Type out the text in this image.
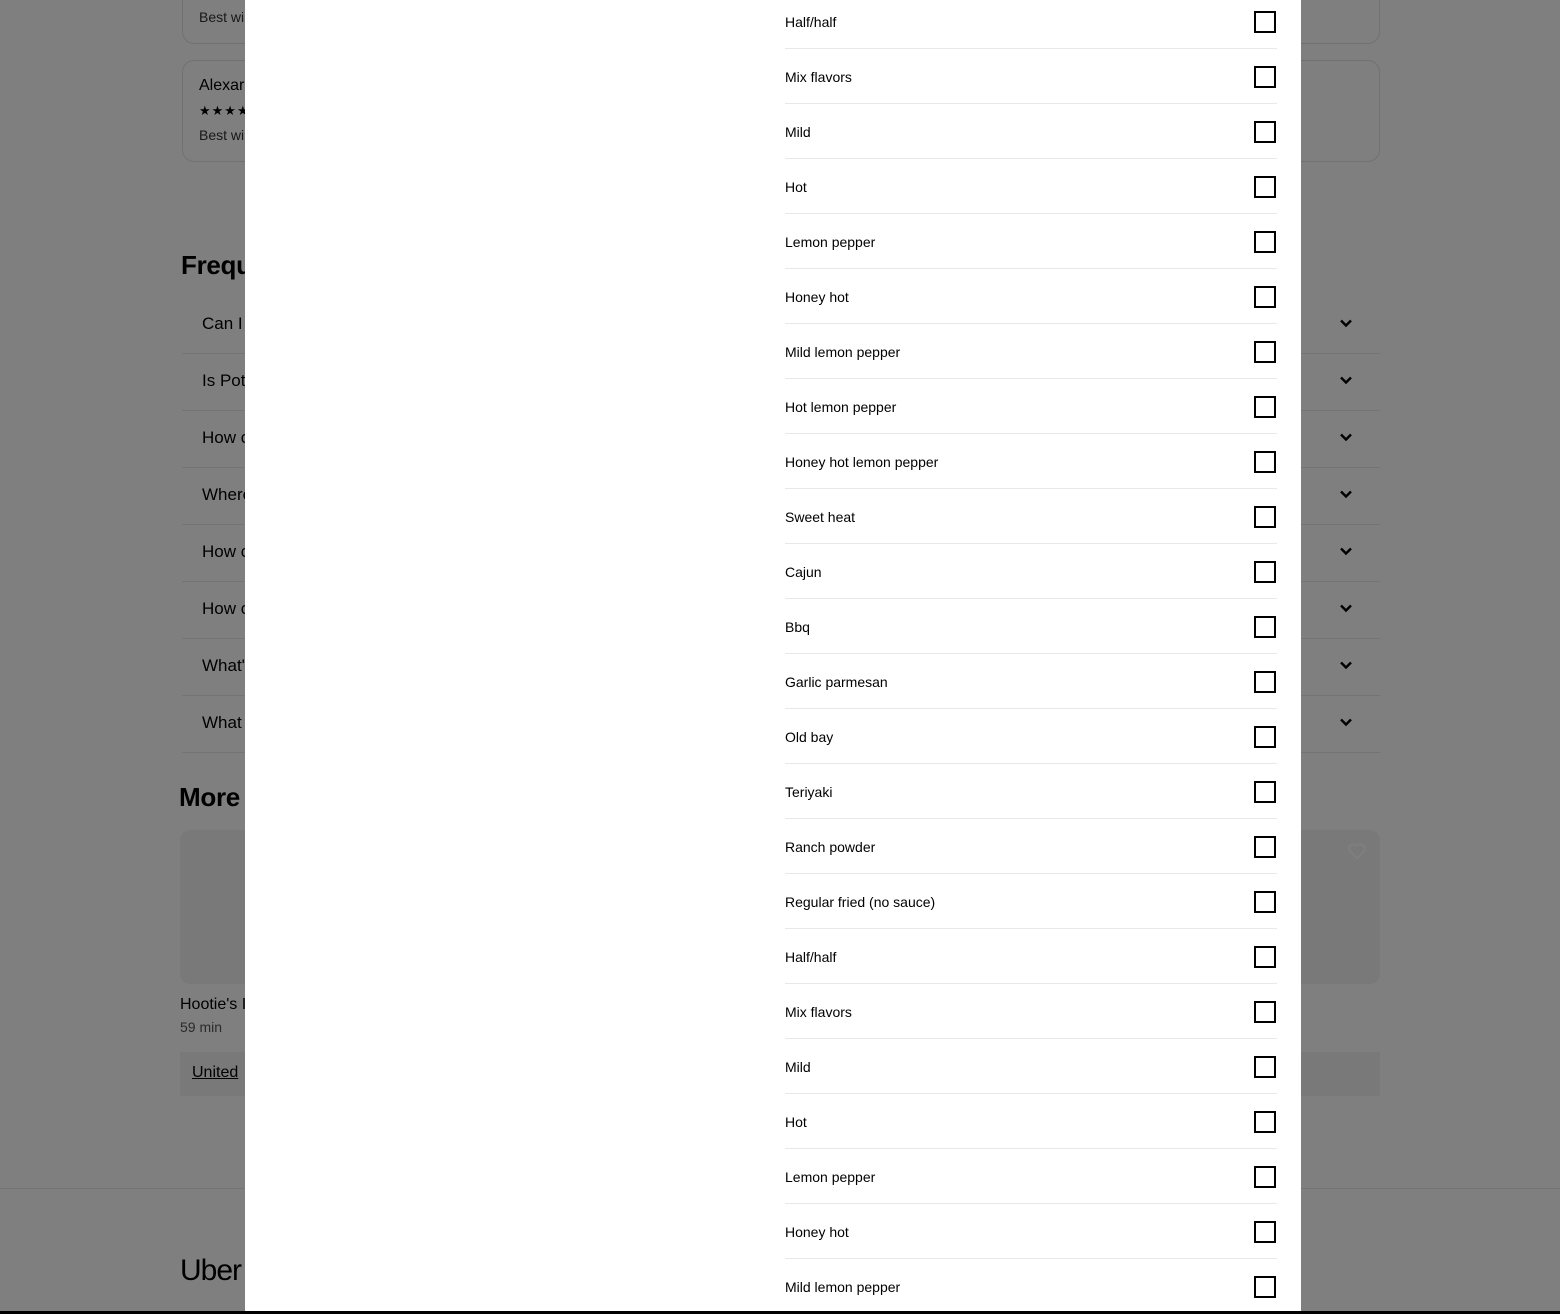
Half/half
Mix flavors
Mild
Hot
Lemon pepper
Honey hot
Mild lemon pepper
Hot lemon pepper
Honey hot lemon pepper
Sweet heat
Cajun
Bbq
Garlic parmesan
Old bay
Teriyaki
Ranch powder
Regular fried (no sauce)
Half/half
Mix flavors
Mild
Hot
Lemon pepper
Honey hot
Mild lemon pepper
